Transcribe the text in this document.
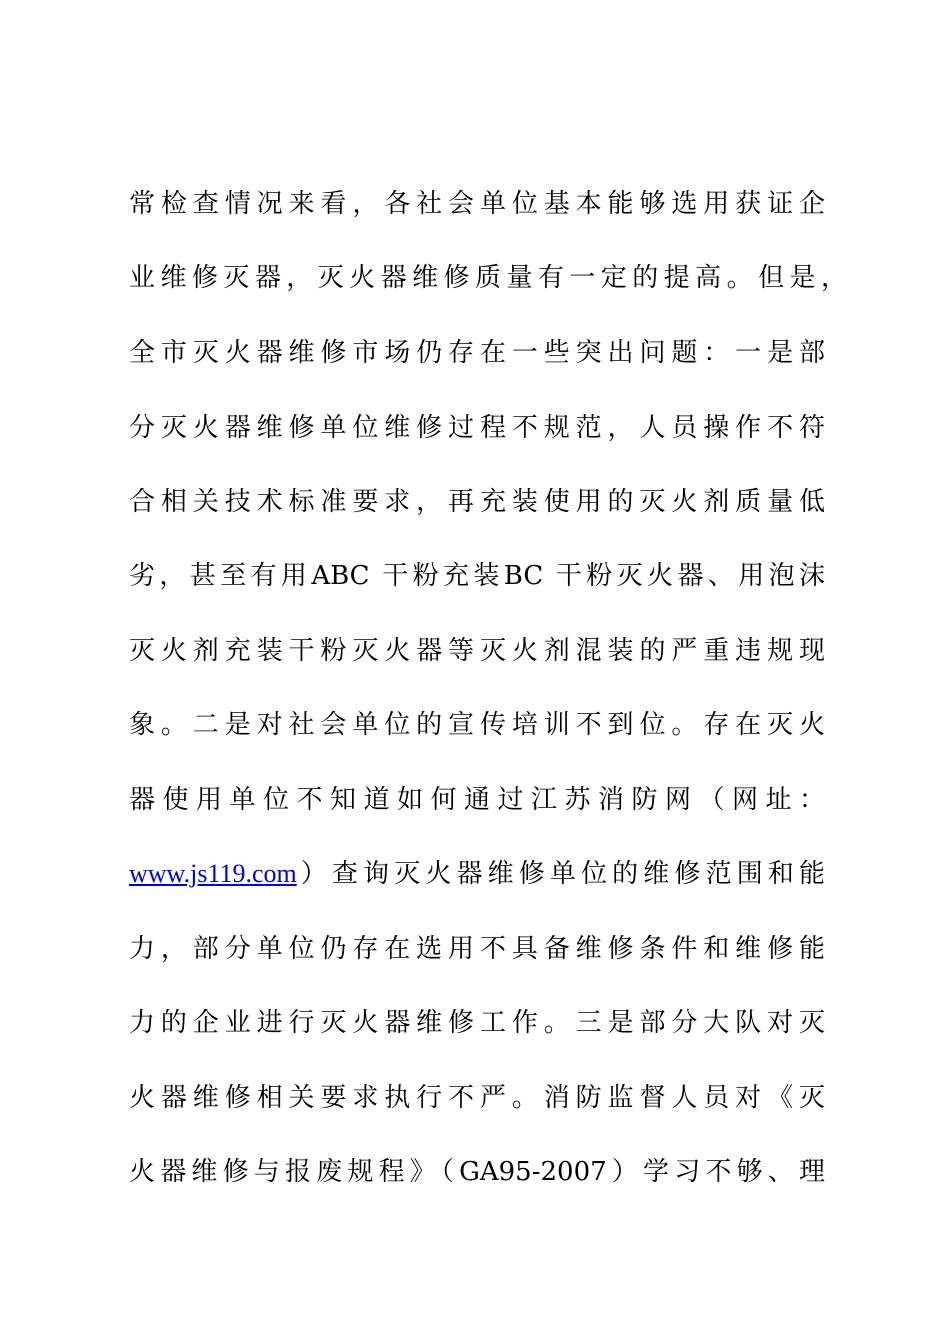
常检查情况来看，各社会单位基本能够选用获证企
业维修灭器，灭火器维修质量有一定的提高。但是，
全市灭火器维修市场仍存在一些突出问题：一是部
分灭火器维修单位维修过程不规范，人员操作不符
合相关技术标准要求，再充装使用的灭火剂质量低
劣，甚至有用ABC 干粉充装BC 干粉灭火器、用泡沫
灭火剂充装干粉灭火器等灭火剂混装的严重违规现
象。二是对社会单位的宣传培训不到位。存在灭火
器使用单位不知道如何通过江苏消防网（网址：
www.js119.com ）查询灭火器维修单位的维修范围和能
力，部分单位仍存在选用不具备维修条件和维修能
力的企业进行灭火器维修工作。三是部分大队对灭
火器维修相关要求执行不严。消防监督人员对《灭
火器维修与报废规程》（GA95-2007）学习不够、理
